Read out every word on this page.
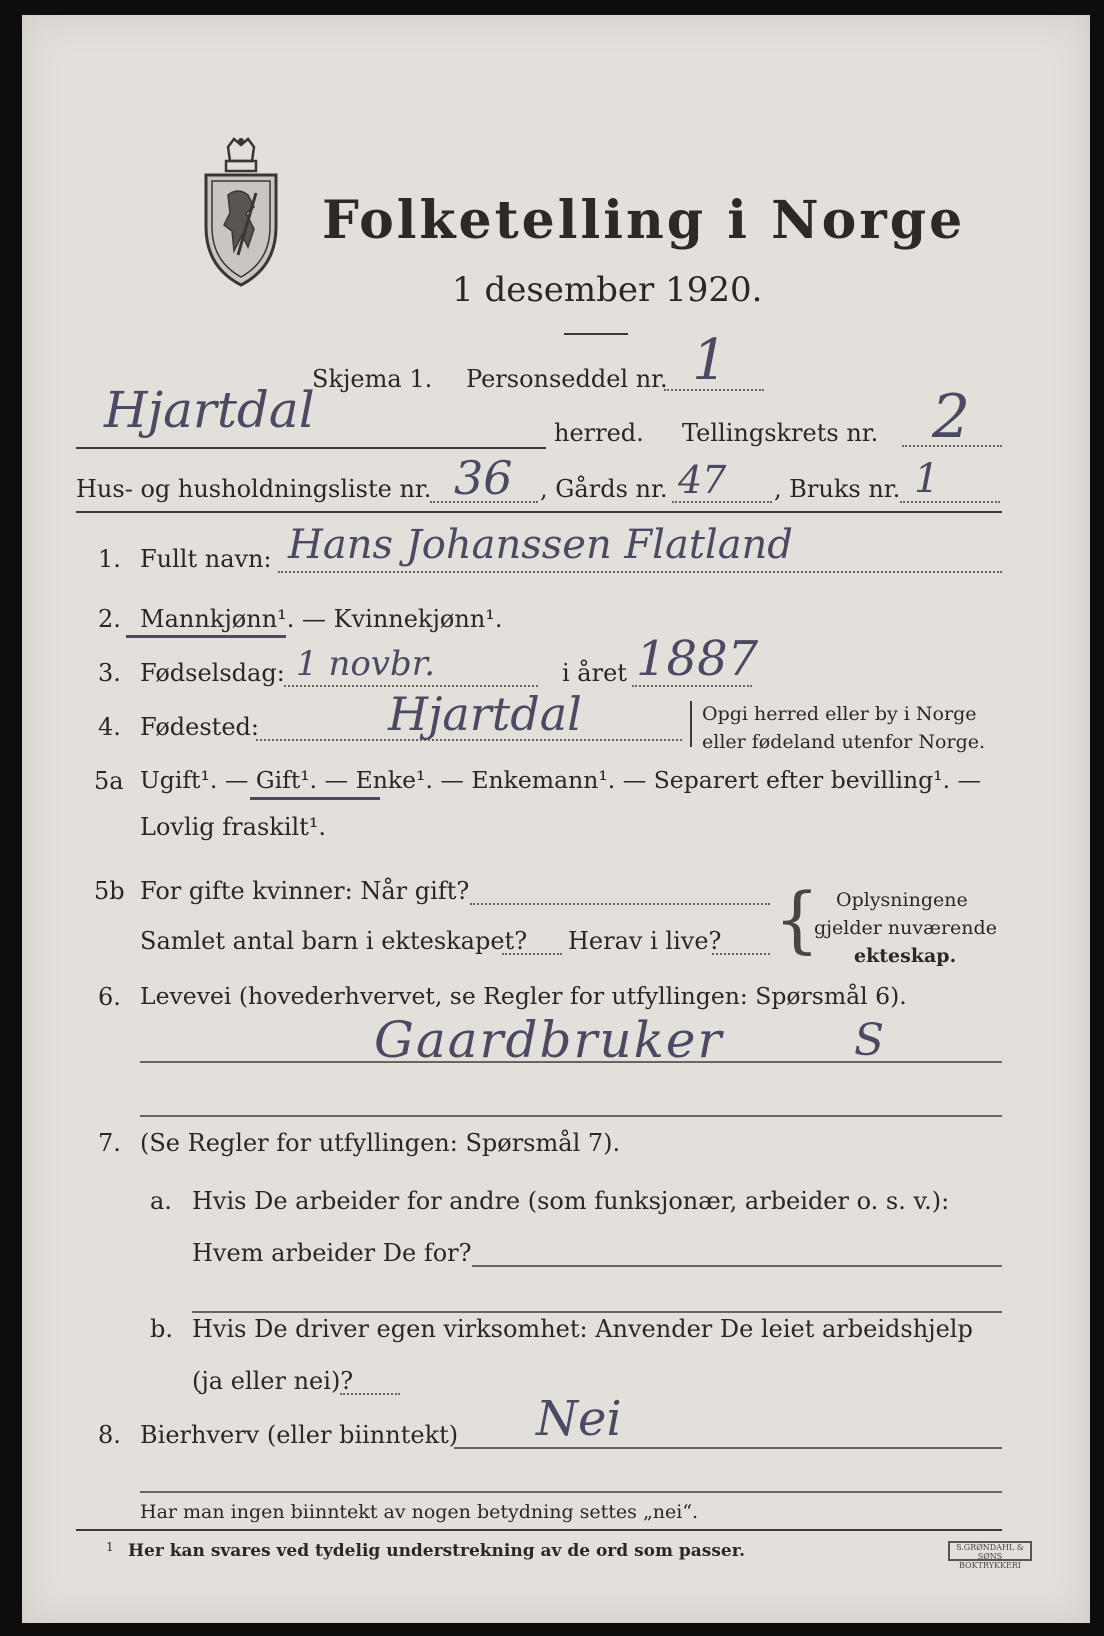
Folketelling i Norge
1 desember 1920.
Skjema 1. Personseddel nr. 1
Hjartdal	herred. Tellingskrets nr. 2
Hus- og husholdningsliste nr. 36 , Gårds nr. 47 , Bruks nr. 1
1. Fullt navn: Hans Johanssen Flatland
2. Mannkjønn¹. — Kvinnekjønn¹.
3. Fødselsdag: 1 novbr.	i året 1887
4. Fødested:	Hjartdal	Opgi herred eller by i Norge
eller fødeland utenfor Norge.
5a Ugift¹. — Gift¹. — Enke¹. — Enkemann¹. — Separert efter bevilling¹. —
Lovlig fraskilt¹.
5b For gifte kvinner: Når gift?
Samlet antal barn i ekteskapet? Herav i live? { Oplysningene
gjelder nuværende
ekteskap.
6. Levevei (hovederhvervet, se Regler for utfyllingen: Spørsmål 6).
Gaardbruker	S
7. (Se Regler for utfyllingen: Spørsmål 7).
a. Hvis De arbeider for andre (som funksjonær, arbeider o. s. v.):
Hvem arbeider De for?
b. Hvis De driver egen virksomhet: Anvender De leiet arbeidshjelp
(ja eller nei)?
8. Bierhverv (eller biinntekt) Nei
Har man ingen biinntekt av nogen betydning settes „nei“.
1 Her kan svares ved tydelig understrekning av de ord som passer.	S.GRØNDAHL & SØNS
BOKTRYKKERI
